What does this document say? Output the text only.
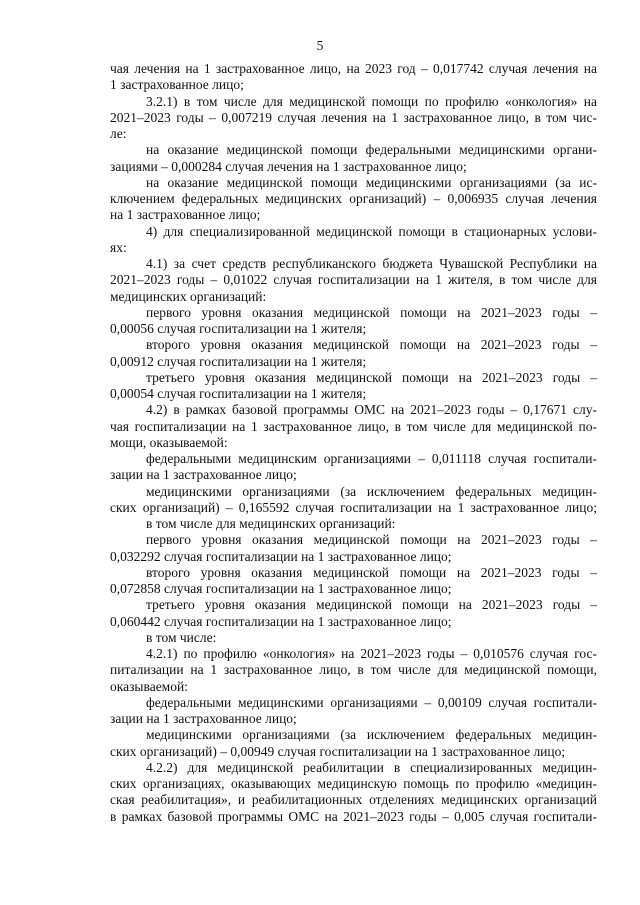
5
чая лечения на 1 застрахованное лицо, на 2023 год – 0,017742 случая лечения на
1 застрахованное лицо;
3.2.1) в том числе для медицинской помощи по профилю «онкология» на
2021–2023 годы – 0,007219 случая лечения на 1 застрахованное лицо, в том чис-
ле:
на оказание медицинской помощи федеральными медицинскими органи-
зациями – 0,000284 случая лечения на 1 застрахованное лицо;
на оказание медицинской помощи медицинскими организациями (за ис-
ключением федеральных медицинских организаций) – 0,006935 случая лечения
на 1 застрахованное лицо;
4) для специализированной медицинской помощи в стационарных услови-
ях:
4.1) за счет средств республиканского бюджета Чувашской Республики на
2021–2023 годы – 0,01022 случая госпитализации на 1 жителя, в том числе для
медицинских организаций:
первого уровня оказания медицинской помощи на 2021–2023 годы –
0,00056 случая госпитализации на 1 жителя;
второго уровня оказания медицинской помощи на 2021–2023 годы –
0,00912 случая госпитализации на 1 жителя;
третьего уровня оказания медицинской помощи на 2021–2023 годы –
0,00054 случая госпитализации на 1 жителя;
4.2) в рамках базовой программы ОМС на 2021–2023 годы – 0,17671 слу-
чая госпитализации на 1 застрахованное лицо, в том числе для медицинской по-
мощи, оказываемой:
федеральными медицинским организациями – 0,011118 случая госпитали-
зации на 1 застрахованное лицо;
медицинскими организациями (за исключением федеральных медицин-
ских организаций) – 0,165592 случая госпитализации на 1 застрахованное лицо;
в том числе для медицинских организаций:
первого уровня оказания медицинской помощи на 2021–2023 годы –
0,032292 случая госпитализации на 1 застрахованное лицо;
второго уровня оказания медицинской помощи на 2021–2023 годы –
0,072858 случая госпитализации на 1 застрахованное лицо;
третьего уровня оказания медицинской помощи на 2021–2023 годы –
0,060442 случая госпитализации на 1 застрахованное лицо;
в том числе:
4.2.1) по профилю «онкология» на 2021–2023 годы – 0,010576 случая гос-
питализации на 1 застрахованное лицо, в том числе для медицинской помощи,
оказываемой:
федеральными медицинскими организациями – 0,00109 случая госпитали-
зации на 1 застрахованное лицо;
медицинскими организациями (за исключением федеральных медицин-
ских организаций) – 0,00949 случая госпитализации на 1 застрахованное лицо;
4.2.2) для медицинской реабилитации в специализированных медицин-
ских организациях, оказывающих медицинскую помощь по профилю «медицин-
ская реабилитация», и реабилитационных отделениях медицинских организаций
в рамках базовой программы ОМС на 2021–2023 годы – 0,005 случая госпитали-
